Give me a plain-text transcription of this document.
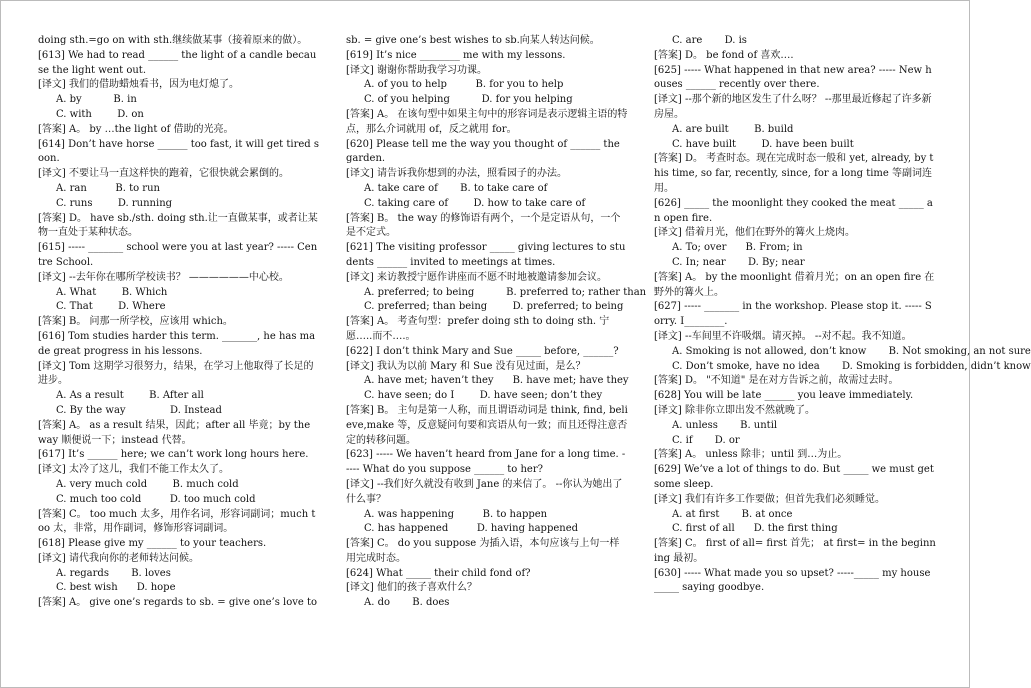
doing sth.=go on with sth.继续做某事（接着原来的做）。

[613] We had to read ______ the light of a candle because the light went out.

[译文] 我们的借助蜡烛看书，因为电灯熄了。

A. by          B. in

C. with        D. on

[答案] A。 by …the light of 借助的光亮。

[614] Don’t have horse ______ too fast, it will get tired soon.

[译文] 不要让马一直这样快的跑着，它很快就会累倒的。

A. ran         B. to run

C. runs        D. running

[答案] D。 have sb./sth. doing sth.让一直做某事，或者让某物一直处于某种状态。

[615] ----- _______ school were you at last year? ----- Centre School.

[译文] --去年你在哪所学校读书？ ——————中心校。

A. What        B. Which

C. That        D. Where

[答案] B。 问那一所学校，应该用 which。

[616] Tom studies harder this term. _______, he has made great progress in his lessons.

[译文] Tom 这期学习很努力，结果，在学习上他取得了长足的进步。

A. As a result        B. After all

C. By the way              D. Instead

[答案] A。 as a result 结果，因此；after all 毕竟；by the way 顺便说一下；instead 代替。

[617] It’s ______ here; we can’t work long hours here.

[译文] 太冷了这儿，我们不能工作太久了。

A. very much cold        B. much cold

C. much too cold         D. too much cold

[答案] C。 too much 太多，用作名词，形容词副词；much too 太，非常，用作副词，修饰形容词副词。

[618] Please give my ______ to your teachers.

[译文] 请代我向你的老师转达问候。

A. regards       B. loves

C. best wish      D. hope

[答案] A。 give one’s regards to sb. = give one’s love to

sb. = give one’s best wishes to sb.向某人转达问候。

[619] It’s nice ________ me with my lessons.

[译文] 谢谢你帮助我学习功课。

A. of you to help         B. for you to help

C. of you helping          D. for you helping

[答案] A。 在该句型中如果主句中的形容词是表示逻辑主语的特点，那么介词就用 of，反之就用 for。

[620] Please tell me the way you thought of ______ the garden.

[译文] 请告诉我你想到的办法，照看园子的办法。

A. take care of       B. to take care of

C. taking care of        D. how to take care of

[答案] B。 the way 的修饰语有两个，一个是定语从句，一个是不定式。

[621] The visiting professor _____ giving lectures to students ______ invited to meetings at times.

[译文] 来访教授宁愿作讲座而不愿不时地被邀请参加会议。

A. preferred; to being          B. preferred to; rather than

C. preferred; than being        D. preferred; to being

[答案] A。 考查句型：prefer doing sth to doing sth. 宁愿…..而不….。

[622] I don’t think Mary and Sue _____ before, ______?

[译文] 我认为以前 Mary 和 Sue 没有见过面，是么？

A. have met; haven’t they      B. have met; have they

C. have seen; do I        D. have seen; don’t they

[答案] B。 主句是第一人称，而且谓语动词是 think, find, believe,make 等，反意疑问句要和宾语从句一致；而且还得注意否定的转移问题。

[623] ----- We haven’t heard from Jane for a long time. ----- What do you suppose ______ to her?

[译文] --我们好久就没有收到 Jane 的来信了。 --你认为她出了什么事？

A. was happening         B. to happen

C. has happened         D. having happened

[答案] C。 do you suppose 为插入语，本句应该与上句一样用完成时态。

[624] What _____ their child fond of?

[译文] 他们的孩子喜欢什么？

A. do       B. does

C. are       D. is

[答案] D。 be fond of 喜欢….

[625] ----- What happened in that new area? ----- New houses ______ recently over there.

[译文] --那个新的地区发生了什么呀？ --那里最近修起了许多新房屋。

A. are built        B. build

C. have built        D. have been built

[答案] D。 考查时态。现在完成时态一般和 yet, already, by this time, so far, recently, since, for a long time 等副词连用。

[626] _____ the moonlight they cooked the meat _____ an open fire.

[译文] 借着月光，他们在野外的篝火上烧肉。

A. To; over      B. From; in

C. In; near       D. By; near

[答案] A。 by the moonlight 借着月光；on an open fire 在野外的篝火上。

[627] ----- _______ in the workshop. Please stop it. ----- Sorry. I________.

[译文] --车间里不许吸烟。请灭掉。 --对不起。我不知道。

A. Smoking is not allowed, don’t know       B. Not smoking, an not sure

C. Don’t smoke, have no idea       D. Smoking is forbidden, didn’t know

[答案] D。 "不知道" 是在对方告诉之前，故需过去时。

[628] You will be late ______ you leave immediately.

[译文] 除非你立即出发不然就晚了。

A. unless       B. until

C. if       D. or

[答案] A。 unless 除非；until 到…为止。

[629] We’ve a lot of things to do. But _____ we must get some sleep.

[译文] 我们有许多工作要做；但首先我们必须睡觉。

A. at first       B. at once

C. first of all      D. the first thing

[答案] C。 first of all= first 首先； at first= in the beginning 最初。

[630] ----- What made you so upset? -----_____ my house _____ saying goodbye.
